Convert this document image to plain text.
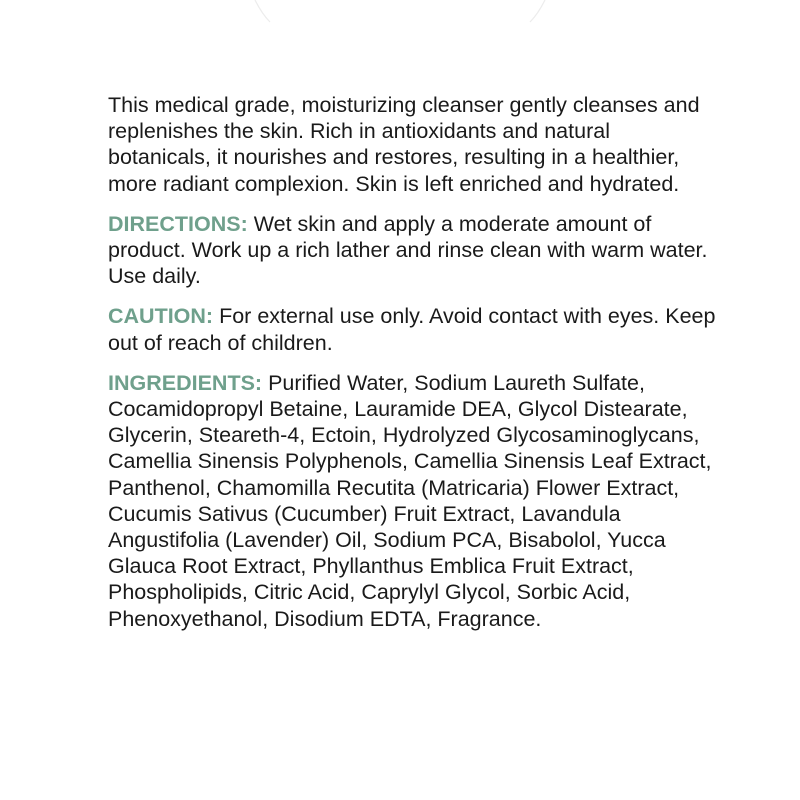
This medical grade, moisturizing cleanser gently cleanses and replenishes the skin. Rich in antioxidants and natural botanicals, it nourishes and restores, resulting in a healthier, more radiant complexion. Skin is left enriched and hydrated.

DIRECTIONS: Wet skin and apply a moderate amount of product. Work up a rich lather and rinse clean with warm water. Use daily.

CAUTION: For external use only. Avoid contact with eyes. Keep out of reach of children.

INGREDIENTS: Purified Water, Sodium Laureth Sulfate, Cocamidopropyl Betaine, Lauramide DEA, Glycol Distearate, Glycerin, Steareth-4, Ectoin, Hydrolyzed Glycosaminoglycans, Camellia Sinensis Polyphenols, Camellia Sinensis Leaf Extract, Panthenol, Chamomilla Recutita (Matricaria) Flower Extract, Cucumis Sativus (Cucumber) Fruit Extract, Lavandula Angustifolia (Lavender) Oil, Sodium PCA, Bisabolol, Yucca Glauca Root Extract, Phyllanthus Emblica Fruit Extract, Phospholipids, Citric Acid, Caprylyl Glycol, Sorbic Acid, Phenoxyethanol, Disodium EDTA, Fragrance.
